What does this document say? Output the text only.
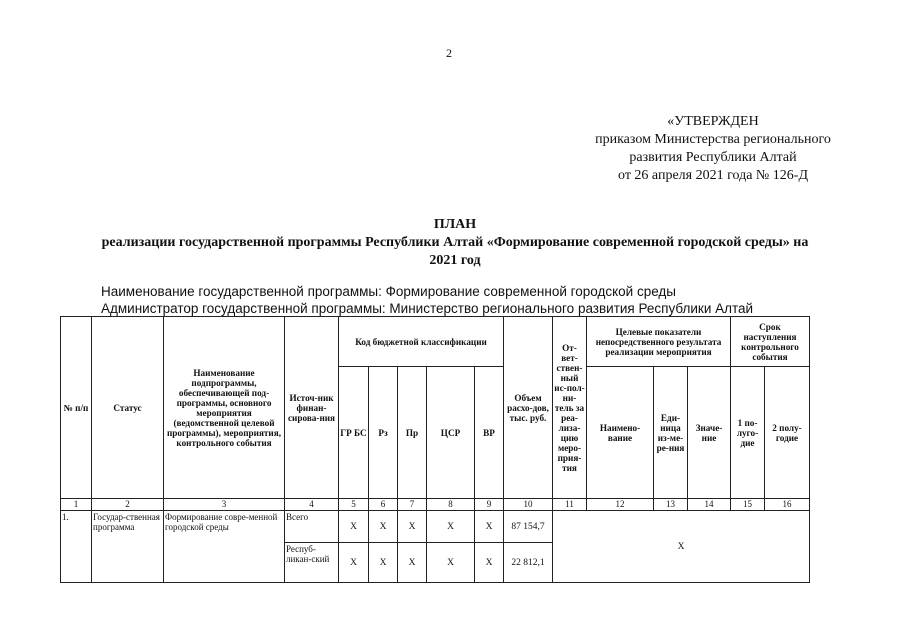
2
«УТВЕРЖДЕН
приказом Министерства регионального
развития Республики Алтай
от 26 апреля 2021 года № 126-Д
ПЛАН
реализации государственной программы Республики Алтай «Формирование современной городской среды» на
2021 год
Наименование государственной программы: Формирование современной городской среды
Администратор государственной программы: Министерство регионального развития Республики Алтай
№ п/п	Статус	Наименование подпрограммы, обеспечивающей под-программы, основного мероприятия (ведомственной целевой программы), мероприятия, контрольного события	Источ-ник финан-сирова-ния	Код бюджетной классификации					Объем расхо-дов, тыс. руб.	От-вет-ствен-ный ис-пол-ни-тель за реа-лиза-цию меро-прия-тия	Целевые показатели непосредственного результата реализации мероприятия			Срок наступления контрольного события	
				ГР БС	Рз	Пр	ЦСР	ВР			Наимено-вание	Еди-ница из-ме-ре-ния	Значе-ние	1 по-луго-дие	2 полу-годие
1	2	3	4	5	6	7	8	9	10	11	12	13	14	15	16
1.	Государ-ственная программа	Формирование совре-менной городской среды	Всего	Х	Х	Х	Х	Х	87 154,7	Х					
			Респуб-ликан-ский	Х	Х	Х	Х	Х	22 812,1						
